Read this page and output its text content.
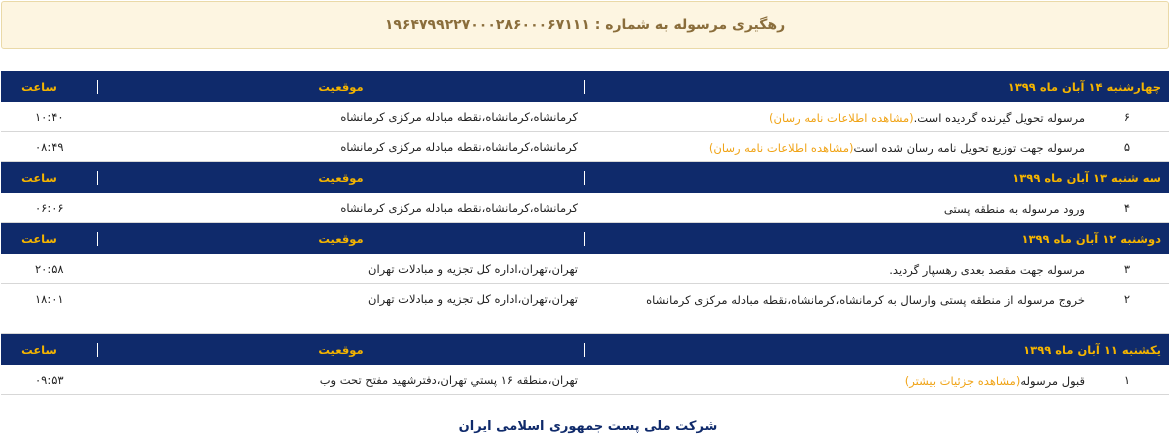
رهگیری مرسوله به شماره : ۱۹۶۴۷۹۹۲۲۷۰۰۰۲۸۶۰۰۰۶۷۱۱۱
چهارشنبه ۱۴ آبان ماه ۱۳۹۹
موقعیت
ساعت
۶
مرسوله تحویل گیرنده گردیده است.(مشاهده اطلاعات نامه رسان)
کرمانشاه،کرمانشاه،نقطه مبادله مرکزی کرمانشاه
۱۰:۴۰
۵
مرسوله جهت توزیع تحویل نامه رسان شده است(مشاهده اطلاعات نامه رسان)
کرمانشاه،کرمانشاه،نقطه مبادله مرکزی کرمانشاه
۰۸:۴۹
سه شنبه ۱۳ آبان ماه ۱۳۹۹
موقعیت
ساعت
۴
ورود مرسوله به منطقه پستی
کرمانشاه،کرمانشاه،نقطه مبادله مرکزی کرمانشاه
۰۶:۰۶
دوشنبه ۱۲ آبان ماه ۱۳۹۹
موقعیت
ساعت
۳
مرسوله جهت مقصد بعدی رهسپار گردید.
تهران،تهران،اداره کل تجزیه و مبادلات تهران
۲۰:۵۸
۲
خروج مرسوله از منطقه پستی وارسال به کرمانشاه،کرمانشاه،نقطه مبادله مرکزی کرمانشاه
تهران،تهران،اداره کل تجزیه و مبادلات تهران
۱۸:۰۱
یکشنبه ۱۱ آبان ماه ۱۳۹۹
موقعیت
ساعت
۱
قبول مرسوله(مشاهده جزئیات بیشتر)
تهران،منطقه ۱۶ پستي تهران،دفترشهید مفتح تحت وب
۰۹:۵۳
شرکت ملی پست جمهوری اسلامی ایران
